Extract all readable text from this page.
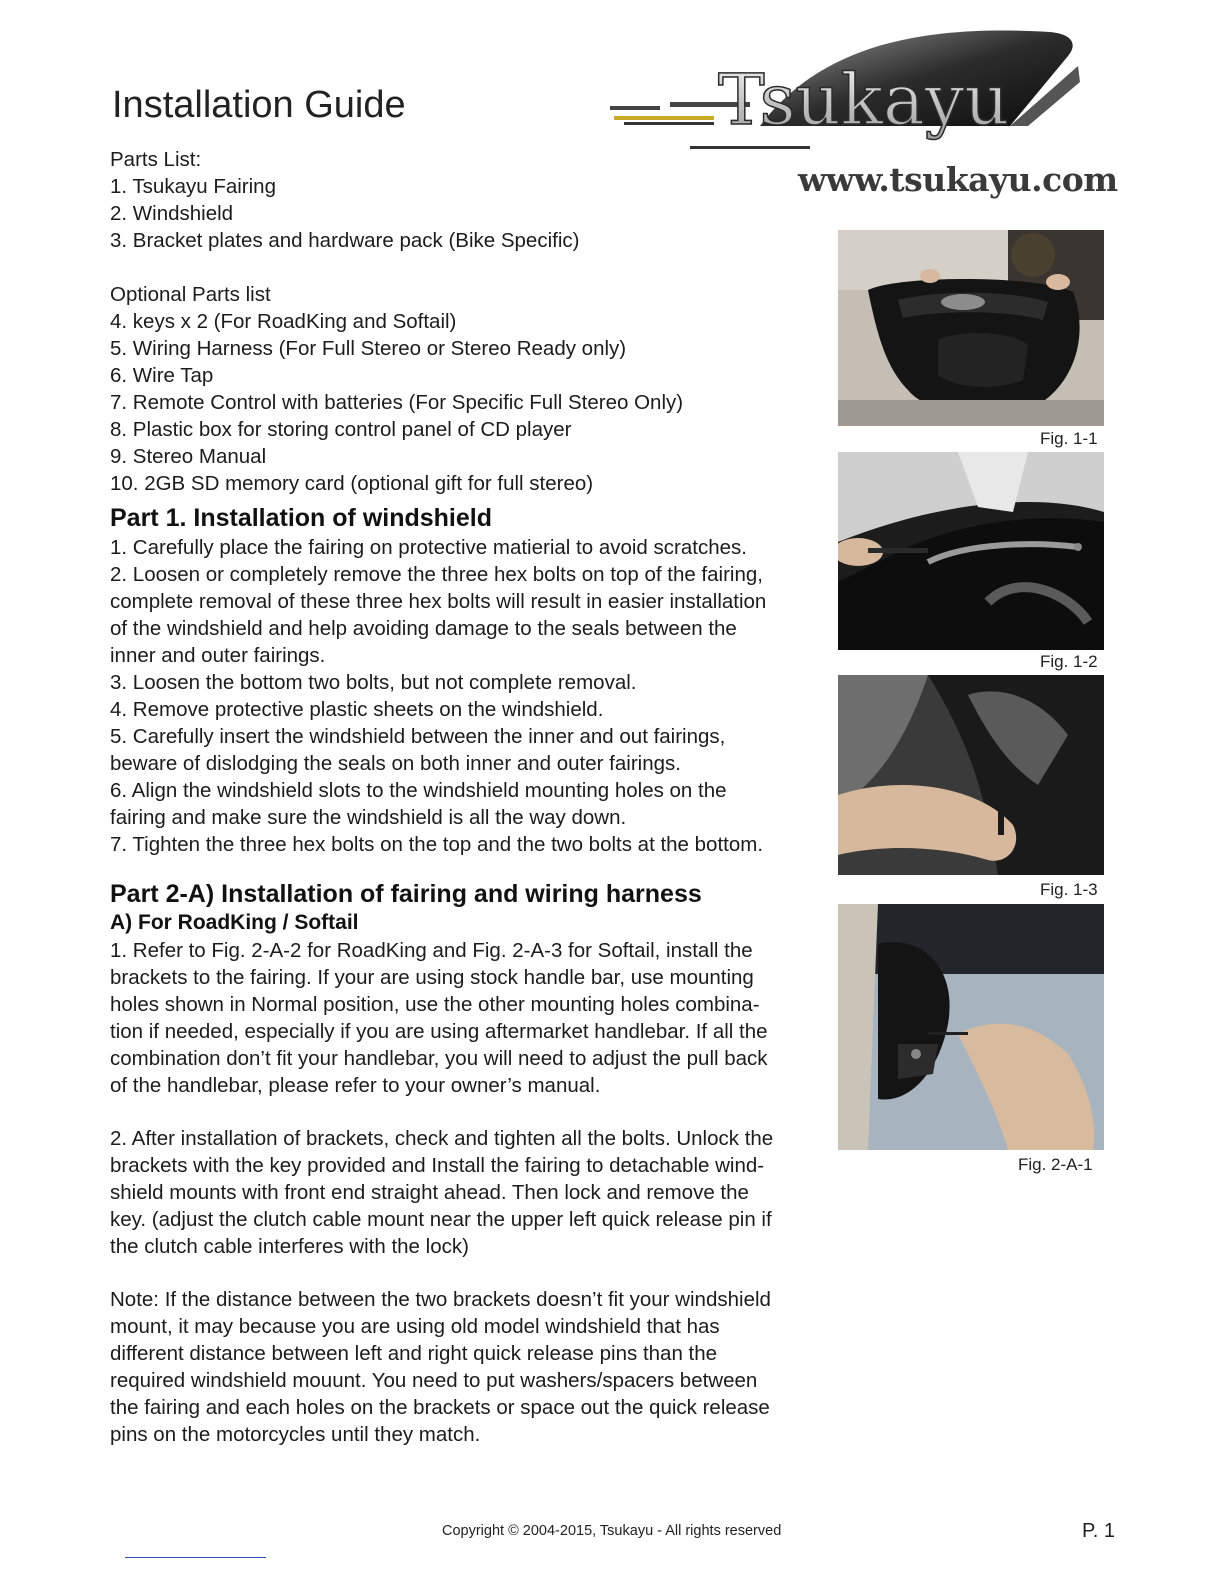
Installation Guide	Tsukayu
www.tsukayu.com
Parts List:
1. Tsukayu Fairing
2. Windshield
3. Bracket plates and hardware pack (Bike Specific)
Optional Parts list
4. keys x 2 (For RoadKing and Softail)
5. Wiring Harness (For Full Stereo or Stereo Ready only)
6. Wire Tap
7. Remote Control with batteries (For Specific Full Stereo Only)
8. Plastic box for storing control panel of CD player
9. Stereo Manual
10. 2GB SD memory card (optional gift for full stereo)
Part 1. Installation of windshield
1. Carefully place the fairing on protective matierial to avoid scratches.
2. Loosen or completely remove the three hex bolts on top of the fairing,
complete removal of these three hex bolts will result in easier installation
of the windshield and help avoiding damage to the seals between the
inner and outer fairings.
3. Loosen the bottom two bolts, but not complete removal.
4. Remove protective plastic sheets on the windshield.
5. Carefully insert the windshield between the inner and out fairings,
beware of dislodging the seals on both inner and outer fairings.
6. Align the windshield slots to the windshield mounting holes on the
fairing and make sure the windshield is all the way down.
7. Tighten the three hex bolts on the top and the two bolts at the bottom.
Part 2-A) Installation of fairing and wiring harness
A) For RoadKing / Softail
1. Refer to Fig. 2-A-2 for RoadKing and Fig. 2-A-3 for Softail, install the
brackets to the fairing. If your are using stock handle bar, use mounting
holes shown in Normal position, use the other mounting holes combina-
tion if needed, especially if you are using aftermarket handlebar. If all the
combination don’t fit your handlebar, you will need to adjust the pull back
of the handlebar, please refer to your owner’s manual.
2. After installation of brackets, check and tighten all the bolts. Unlock the
brackets with the key provided and Install the fairing to detachable wind-
shield mounts with front end straight ahead. Then lock and remove the
key. (adjust the clutch cable mount near the upper left quick release pin if
the clutch cable interferes with the lock)
Note: If the distance between the two brackets doesn’t fit your windshield
mount, it may because you are using old model windshield that has
different distance between left and right quick release pins than the
required windshield mouunt. You need to put washers/spacers between
the fairing and each holes on the brackets or space out the quick release
pins on the motorcycles until they match.
Fig. 1-1
Fig. 1-2
Fig. 1-3
Fig. 2-A-1
Copyright © 2004-2015, Tsukayu - All rights reserved	P. 1
